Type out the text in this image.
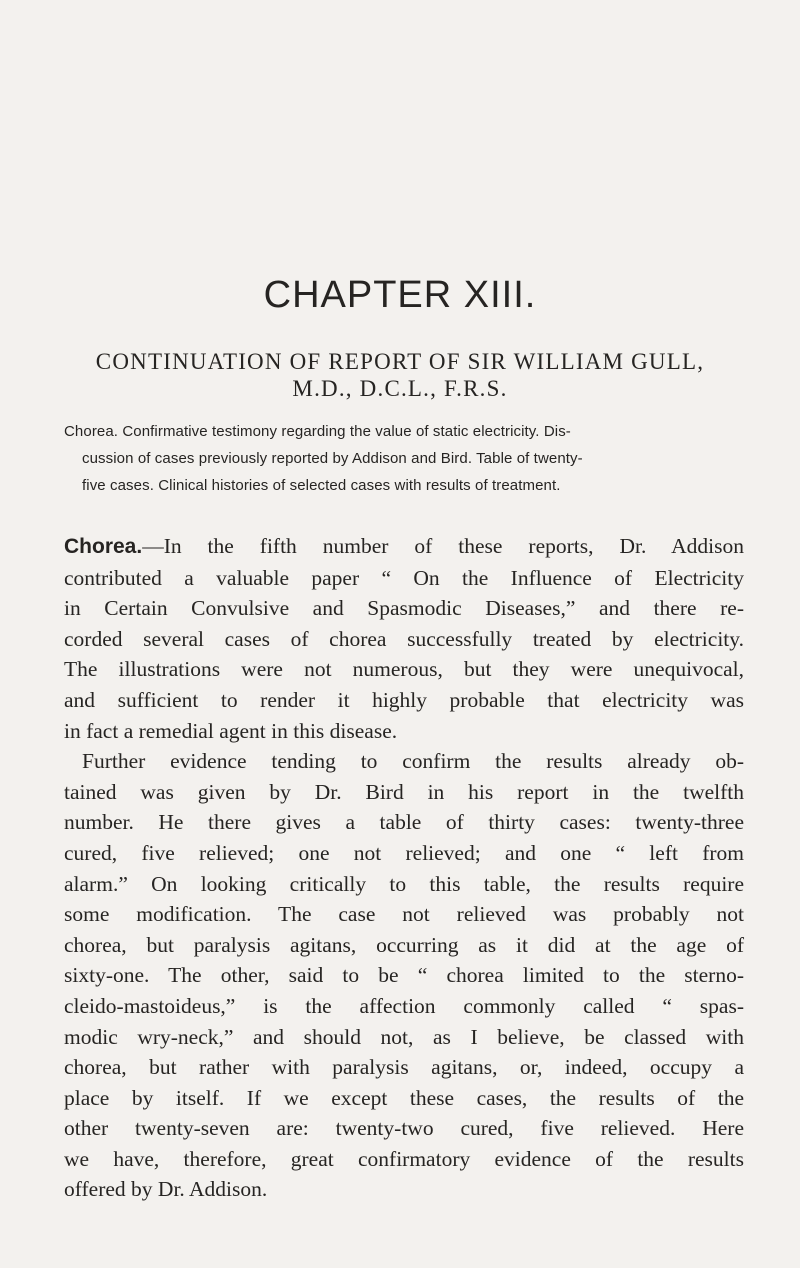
CHAPTER XIII.

CONTINUATION OF REPORT OF SIR WILLIAM GULL,

M.D., D.C.L., F.R.S.

Chorea. Confirmative testimony regarding the value of static electricity. Dis-
cussion of cases previously reported by Addison and Bird. Table of twenty-
five cases. Clinical histories of selected cases with results of treatment.
Chorea.—In the fifth number of these reports, Dr. Addison
contributed a valuable paper “ On the Influence of Electricity
in Certain Convulsive and Spasmodic Diseases,” and there re-
corded several cases of chorea successfully treated by electricity.
The illustrations were not numerous, but they were unequivocal,
and sufficient to render it highly probable that electricity was
in fact a remedial agent in this disease.
Further evidence tending to confirm the results already ob-
tained was given by Dr. Bird in his report in the twelfth
number. He there gives a table of thirty cases: twenty-three
cured, five relieved; one not relieved; and one “ left from
alarm.” On looking critically to this table, the results require
some modification. The case not relieved was probably not
chorea, but paralysis agitans, occurring as it did at the age of
sixty-one. The other, said to be “ chorea limited to the sterno-
cleido-mastoideus,” is the affection commonly called “ spas-
modic wry-neck,” and should not, as I believe, be classed with
chorea, but rather with paralysis agitans, or, indeed, occupy a
place by itself. If we except these cases, the results of the
other twenty-seven are: twenty-two cured, five relieved. Here
we have, therefore, great confirmatory evidence of the results
offered by Dr. Addison.
